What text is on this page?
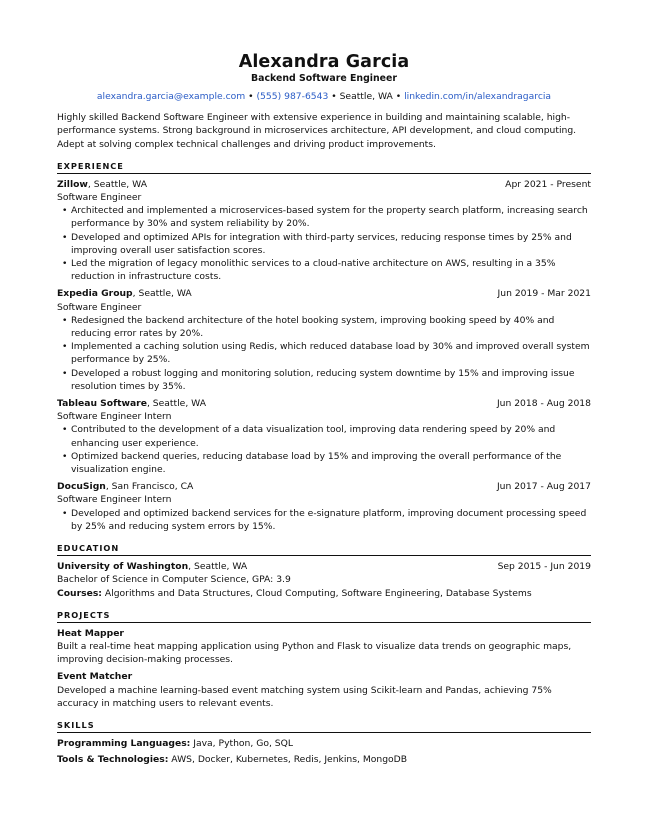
Alexandra Garcia
Backend Software Engineer
alexandra.garcia@example.com • (555) 987-6543 • Seattle, WA • linkedin.com/in/alexandragarcia
Highly skilled Backend Software Engineer with extensive experience in building and maintaining scalable, high-performance systems. Strong background in microservices architecture, API development, and cloud computing. Adept at solving complex technical challenges and driving product improvements.
EXPERIENCE
Zillow, Seattle, WA	Apr 2021 - Present
Software Engineer
• Architected and implemented a microservices-based system for the property search platform, increasing search performance by 30% and system reliability by 20%.
• Developed and optimized APIs for integration with third-party services, reducing response times by 25% and improving overall user satisfaction scores.
• Led the migration of legacy monolithic services to a cloud-native architecture on AWS, resulting in a 35% reduction in infrastructure costs.
Expedia Group, Seattle, WA	Jun 2019 - Mar 2021
Software Engineer
• Redesigned the backend architecture of the hotel booking system, improving booking speed by 40% and reducing error rates by 20%.
• Implemented a caching solution using Redis, which reduced database load by 30% and improved overall system performance by 25%.
• Developed a robust logging and monitoring solution, reducing system downtime by 15% and improving issue resolution times by 35%.
Tableau Software, Seattle, WA	Jun 2018 - Aug 2018
Software Engineer Intern
• Contributed to the development of a data visualization tool, improving data rendering speed by 20% and enhancing user experience.
• Optimized backend queries, reducing database load by 15% and improving the overall performance of the visualization engine.
DocuSign, San Francisco, CA	Jun 2017 - Aug 2017
Software Engineer Intern
• Developed and optimized backend services for the e-signature platform, improving document processing speed by 25% and reducing system errors by 15%.
EDUCATION
University of Washington, Seattle, WA	Sep 2015 - Jun 2019
Bachelor of Science in Computer Science, GPA: 3.9
Courses: Algorithms and Data Structures, Cloud Computing, Software Engineering, Database Systems
PROJECTS
Heat Mapper
Built a real-time heat mapping application using Python and Flask to visualize data trends on geographic maps, improving decision-making processes.
Event Matcher
Developed a machine learning-based event matching system using Scikit-learn and Pandas, achieving 75% accuracy in matching users to relevant events.
SKILLS
Programming Languages: Java, Python, Go, SQL
Tools & Technologies: AWS, Docker, Kubernetes, Redis, Jenkins, MongoDB
